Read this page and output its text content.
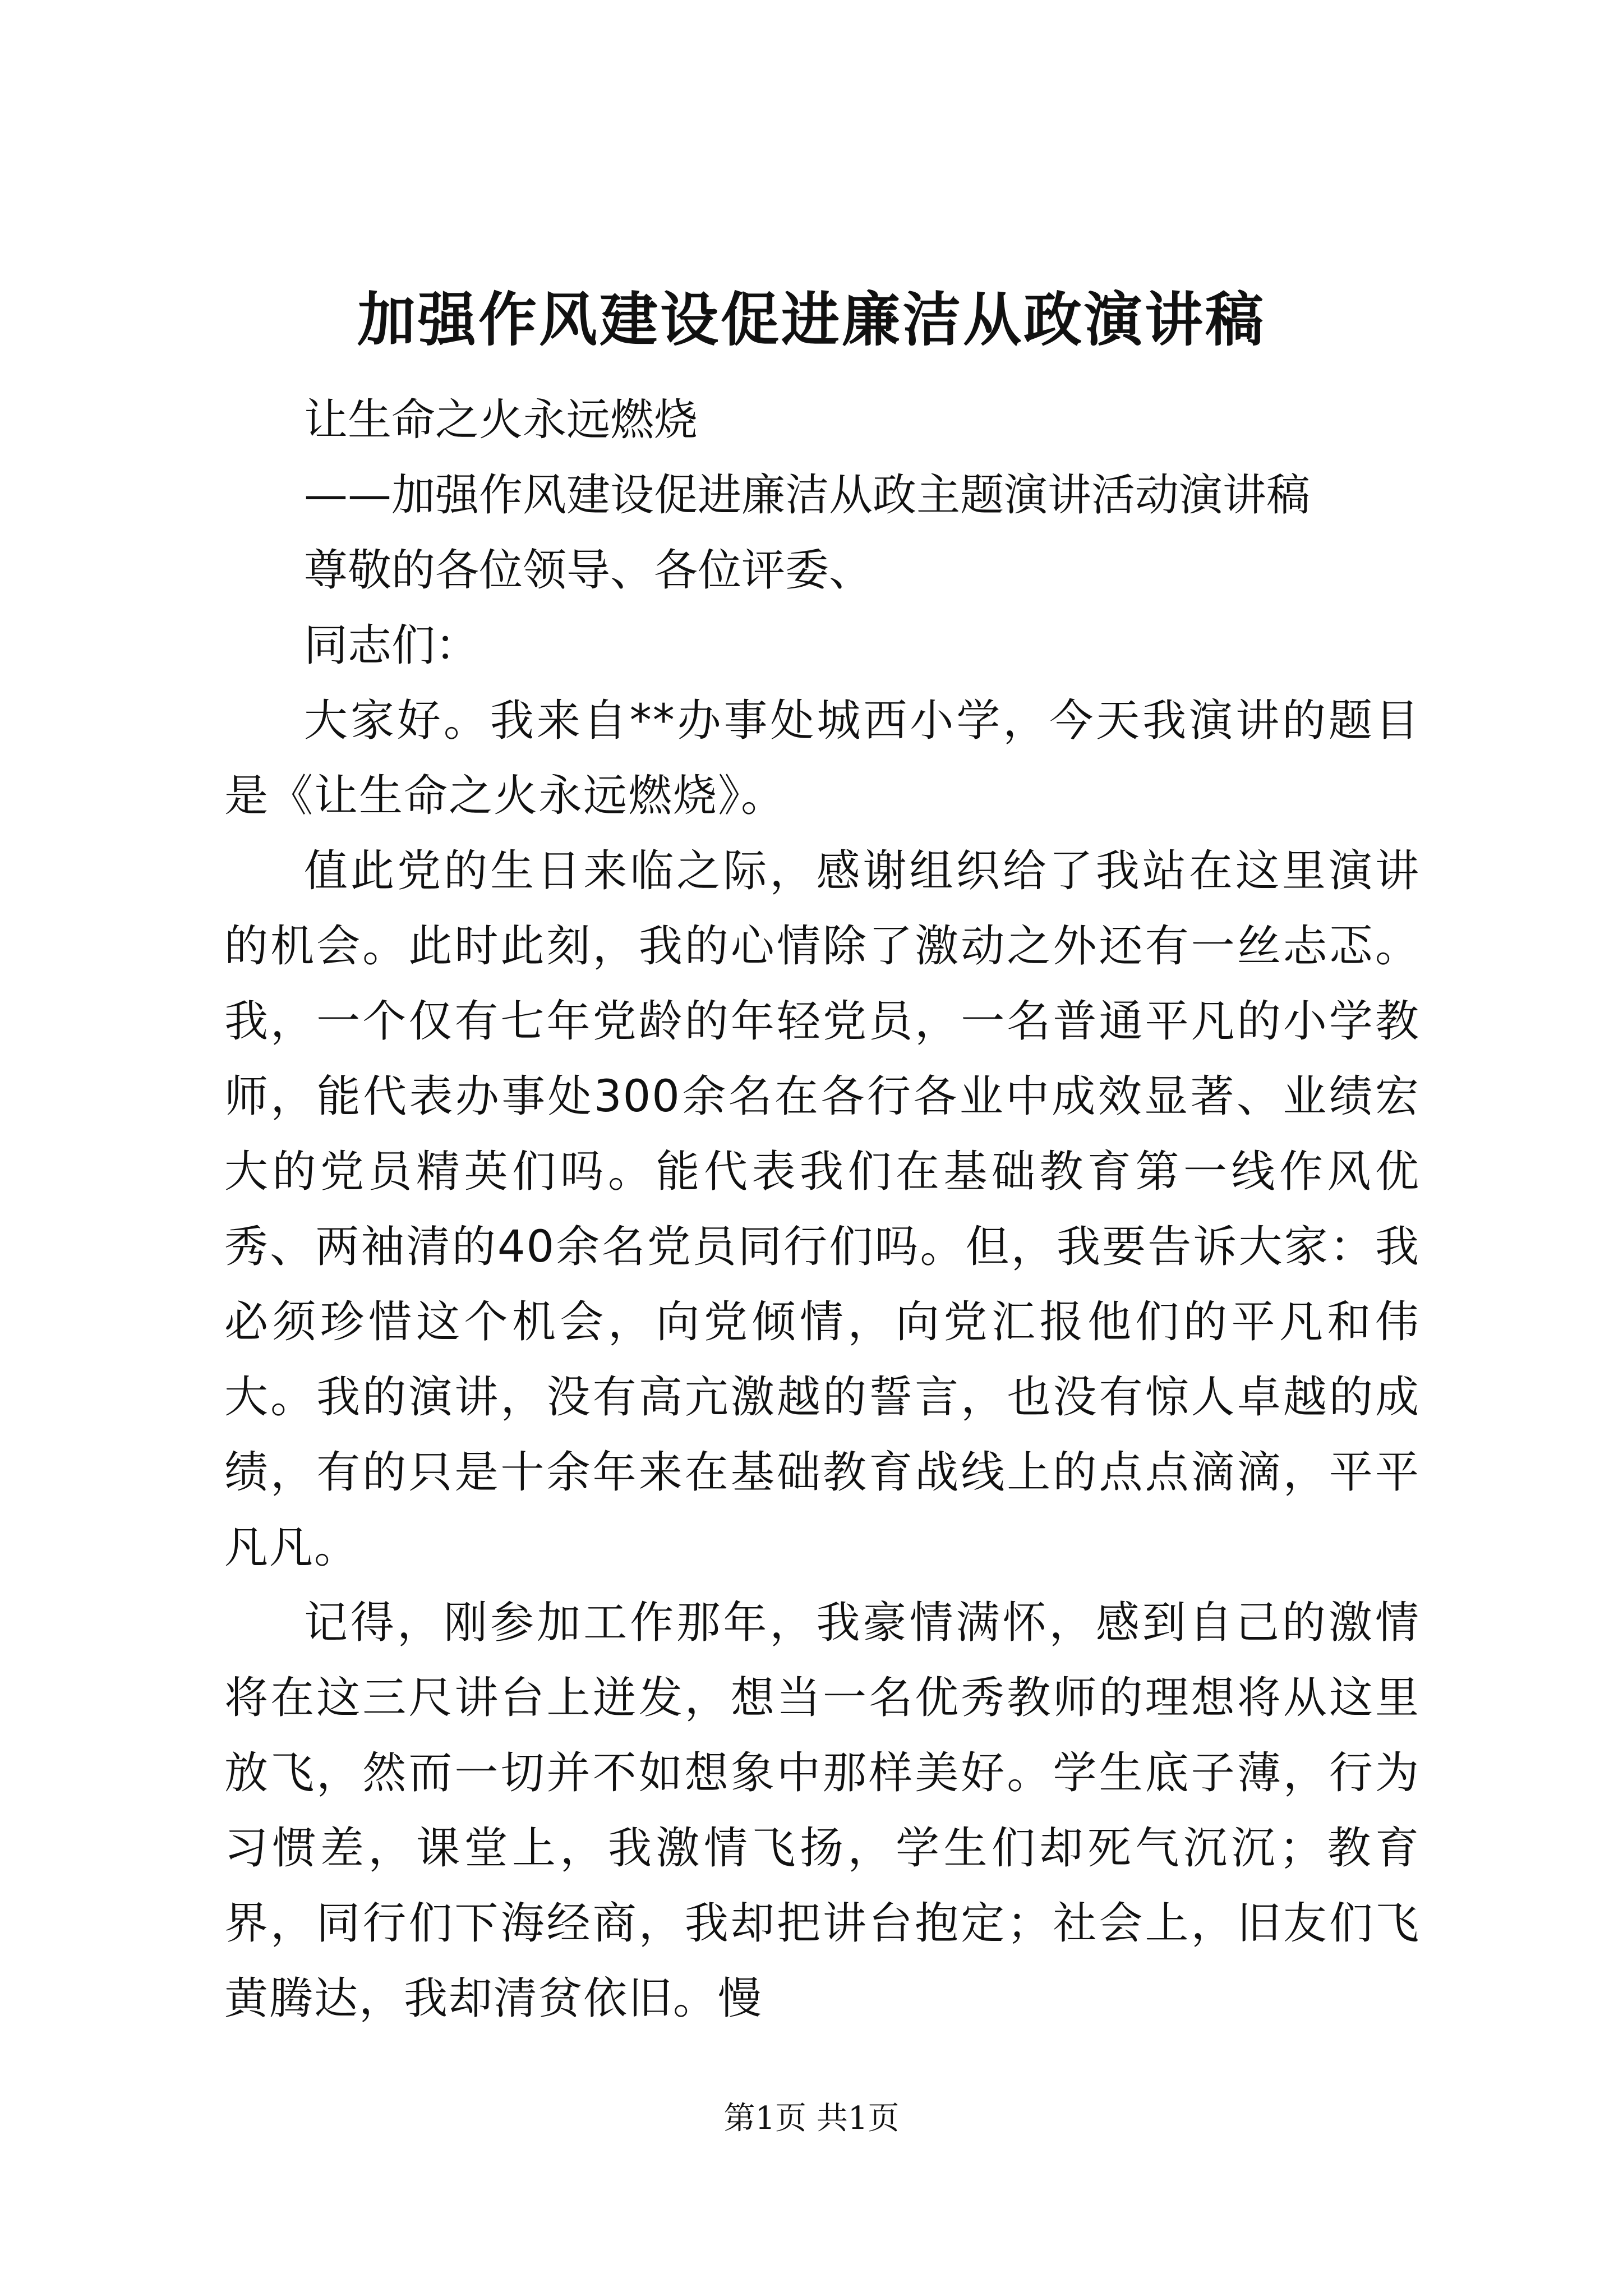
加强作风建设促进廉洁从政演讲稿

让生命之火永远燃烧

——加强作风建设促进廉洁从政主题演讲活动演讲稿

尊敬的各位领导、各位评委、

同志们：

大家好。我来自**办事处城西小学，今天我演讲的题目是《让生命之火永远燃烧》。

值此党的生日来临之际，感谢组织给了我站在这里演讲的机会。此时此刻，我的心情除了激动之外还有一丝忐忑。我，一个仅有七年党龄的年轻党员，一名普通平凡的小学教师，能代表办事处300余名在各行各业中成效显著、业绩宏大的党员精英们吗。能代表我们在基础教育第一线作风优秀、两袖清的40余名党员同行们吗。但，我要告诉大家：我必须珍惜这个机会，向党倾情，向党汇报他们的平凡和伟大。我的演讲，没有高亢激越的誓言，也没有惊人卓越的成绩，有的只是十余年来在基础教育战线上的点点滴滴，平平凡凡。

记得，刚参加工作那年，我豪情满怀，感到自己的激情将在这三尺讲台上迸发，想当一名优秀教师的理想将从这里放飞，然而一切并不如想象中那样美好。学生底子薄，行为习惯差，课堂上，我激情飞扬，学生们却死气沉沉；教育界，同行们下海经商，我却把讲台抱定；社会上，旧友们飞黄腾达，我却清贫依旧。慢

第1页 共1页
